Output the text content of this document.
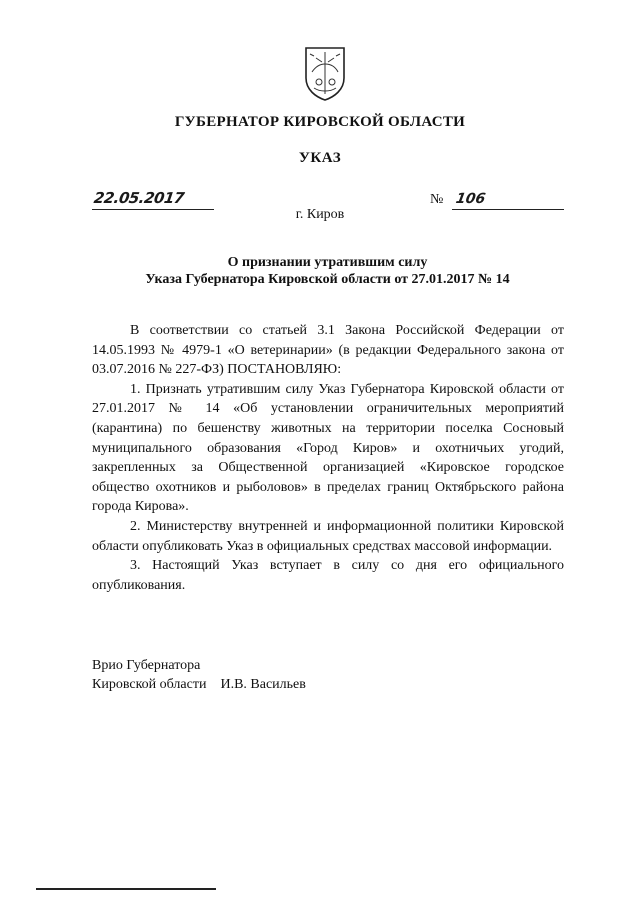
ГУБЕРНАТОР КИРОВСКОЙ ОБЛАСТИ
УКАЗ
22.05.2017	№ 106
г. Киров
О признании утратившим силу
Указа Губернатора Кировской области от 27.01.2017 № 14

В соответствии со статьей 3.1 Закона Российской Федерации от 14.05.1993 № 4979-1 «О ветеринарии» (в редакции Федерального закона от 03.07.2016 № 227-ФЗ) ПОСТАНОВЛЯЮ:

1. Признать утратившим силу Указ Губернатора Кировской области от 27.01.2017 № 14 «Об установлении ограничительных мероприятий (карантина) по бешенству животных на территории поселка Сосновый муниципального образования «Город Киров» и охотничьих угодий, закрепленных за Общественной организацией «Кировское городское общество охотников и рыболовов» в пределах границ Октябрьского района города Кирова».

2. Министерству внутренней и информационной политики Кировской области опубликовать Указ в официальных средствах массовой информации.

3. Настоящий Указ вступает в силу со дня его официального опубликования.

Врио Губернатора
Кировской области И.В. Васильев
